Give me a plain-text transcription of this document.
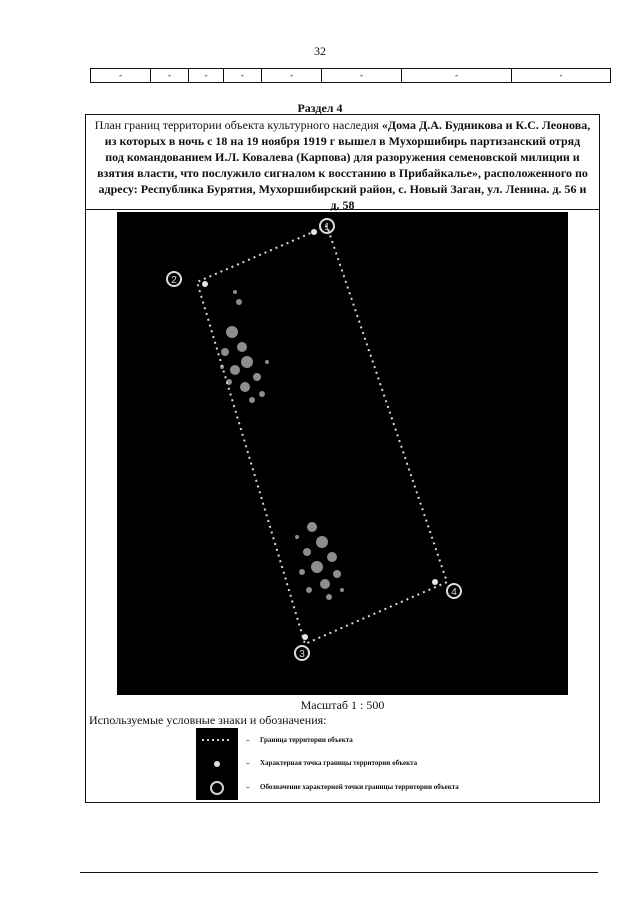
32
-	-	-	-	-	-	-	-
Раздел 4

План границ территории объекта культурного наследия «Дома Д.А. Будникова и К.С. Леонова, из которых в ночь с 18 на 19 ноября 1919 г вышел в Мухоршибирь партизанский отряд под командованием И.Л. Ковалева (Карпова) для разоружения семеновской милиции и взятия власти, что послужило сигналом к восстанию в Прибайкалье», расположенного по адресу: Республика Бурятия, Мухоршибирский район, с. Новый Заган, ул. Ленина. д. 56 и д. 58

1
2
3
4
Масштаб 1 : 500
Используемые условные знаки и обозначения:
– Граница территории объекта
– Характерная точка границы территории объекта
– Обозначение характерной точки границы территории объекта
